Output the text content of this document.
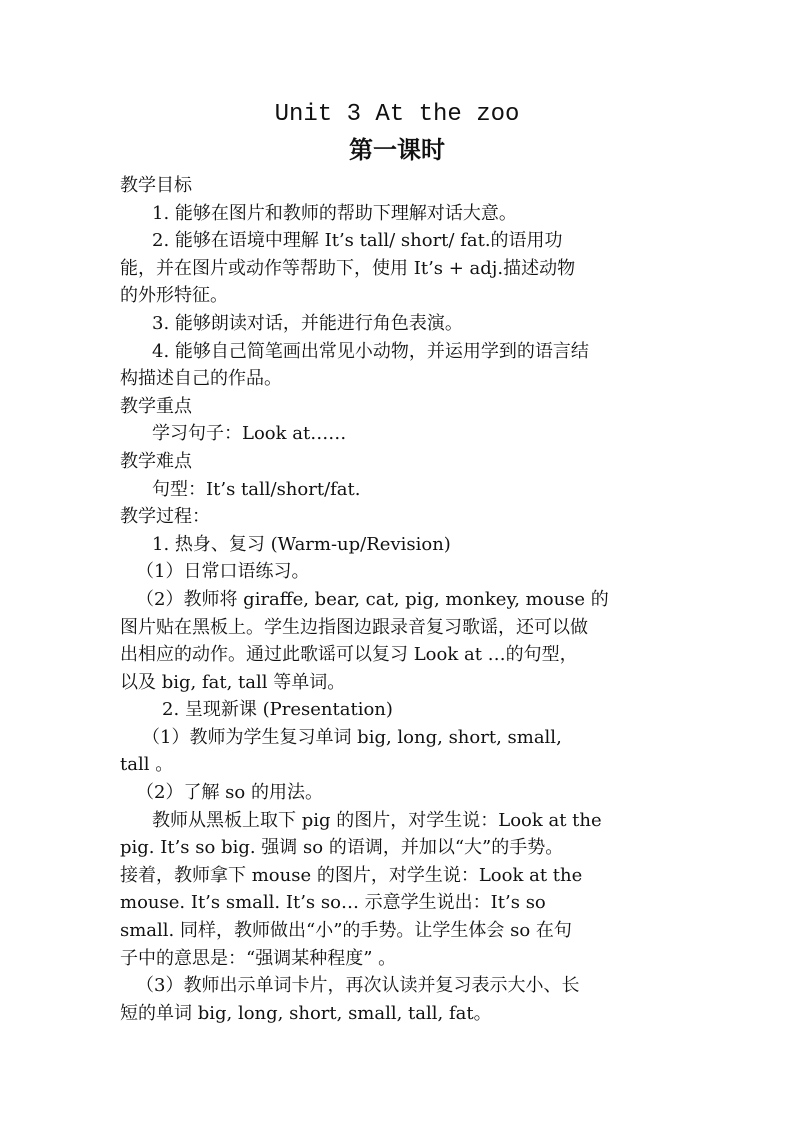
Unit 3 At the zoo
第一课时

教学目标

1. 能够在图片和教师的帮助下理解对话大意。

2. 能够在语境中理解 It’s tall/ short/ fat.的语用功
能，并在图片或动作等帮助下，使用 It’s + adj.描述动物
的外形特征。

3. 能够朗读对话，并能进行角色表演。

4. 能够自己简笔画出常见小动物，并运用学到的语言结
构描述自己的作品。

教学重点

学习句子：Look at……

教学难点

句型：It’s tall/short/fat.

教学过程：

1. 热身、复习 (Warm-up/Revision)

（1）日常口语练习。

（2）教师将 giraffe, bear, cat, pig, monkey, mouse 的
图片贴在黑板上。学生边指图边跟录音复习歌谣，还可以做
出相应的动作。通过此歌谣可以复习 Look at …的句型，
以及 big, fat, tall 等单词。

2. 呈现新课 (Presentation)

（1）教师为学生复习单词 big, long, short, small,
tall 。

（2）了解 so 的用法。

教师从黑板上取下 pig 的图片，对学生说：Look at the
pig. It’s so big. 强调 so 的语调，并加以“大”的手势。
接着，教师拿下 mouse 的图片，对学生说：Look at the
mouse. It’s small. It’s so… 示意学生说出：It’s so
small. 同样，教师做出“小”的手势。让学生体会 so 在句
子中的意思是：“强调某种程度” 。
（3）教师出示单词卡片，再次认读并复习表示大小、长
短的单词 big, long, short, small, tall, fat。
